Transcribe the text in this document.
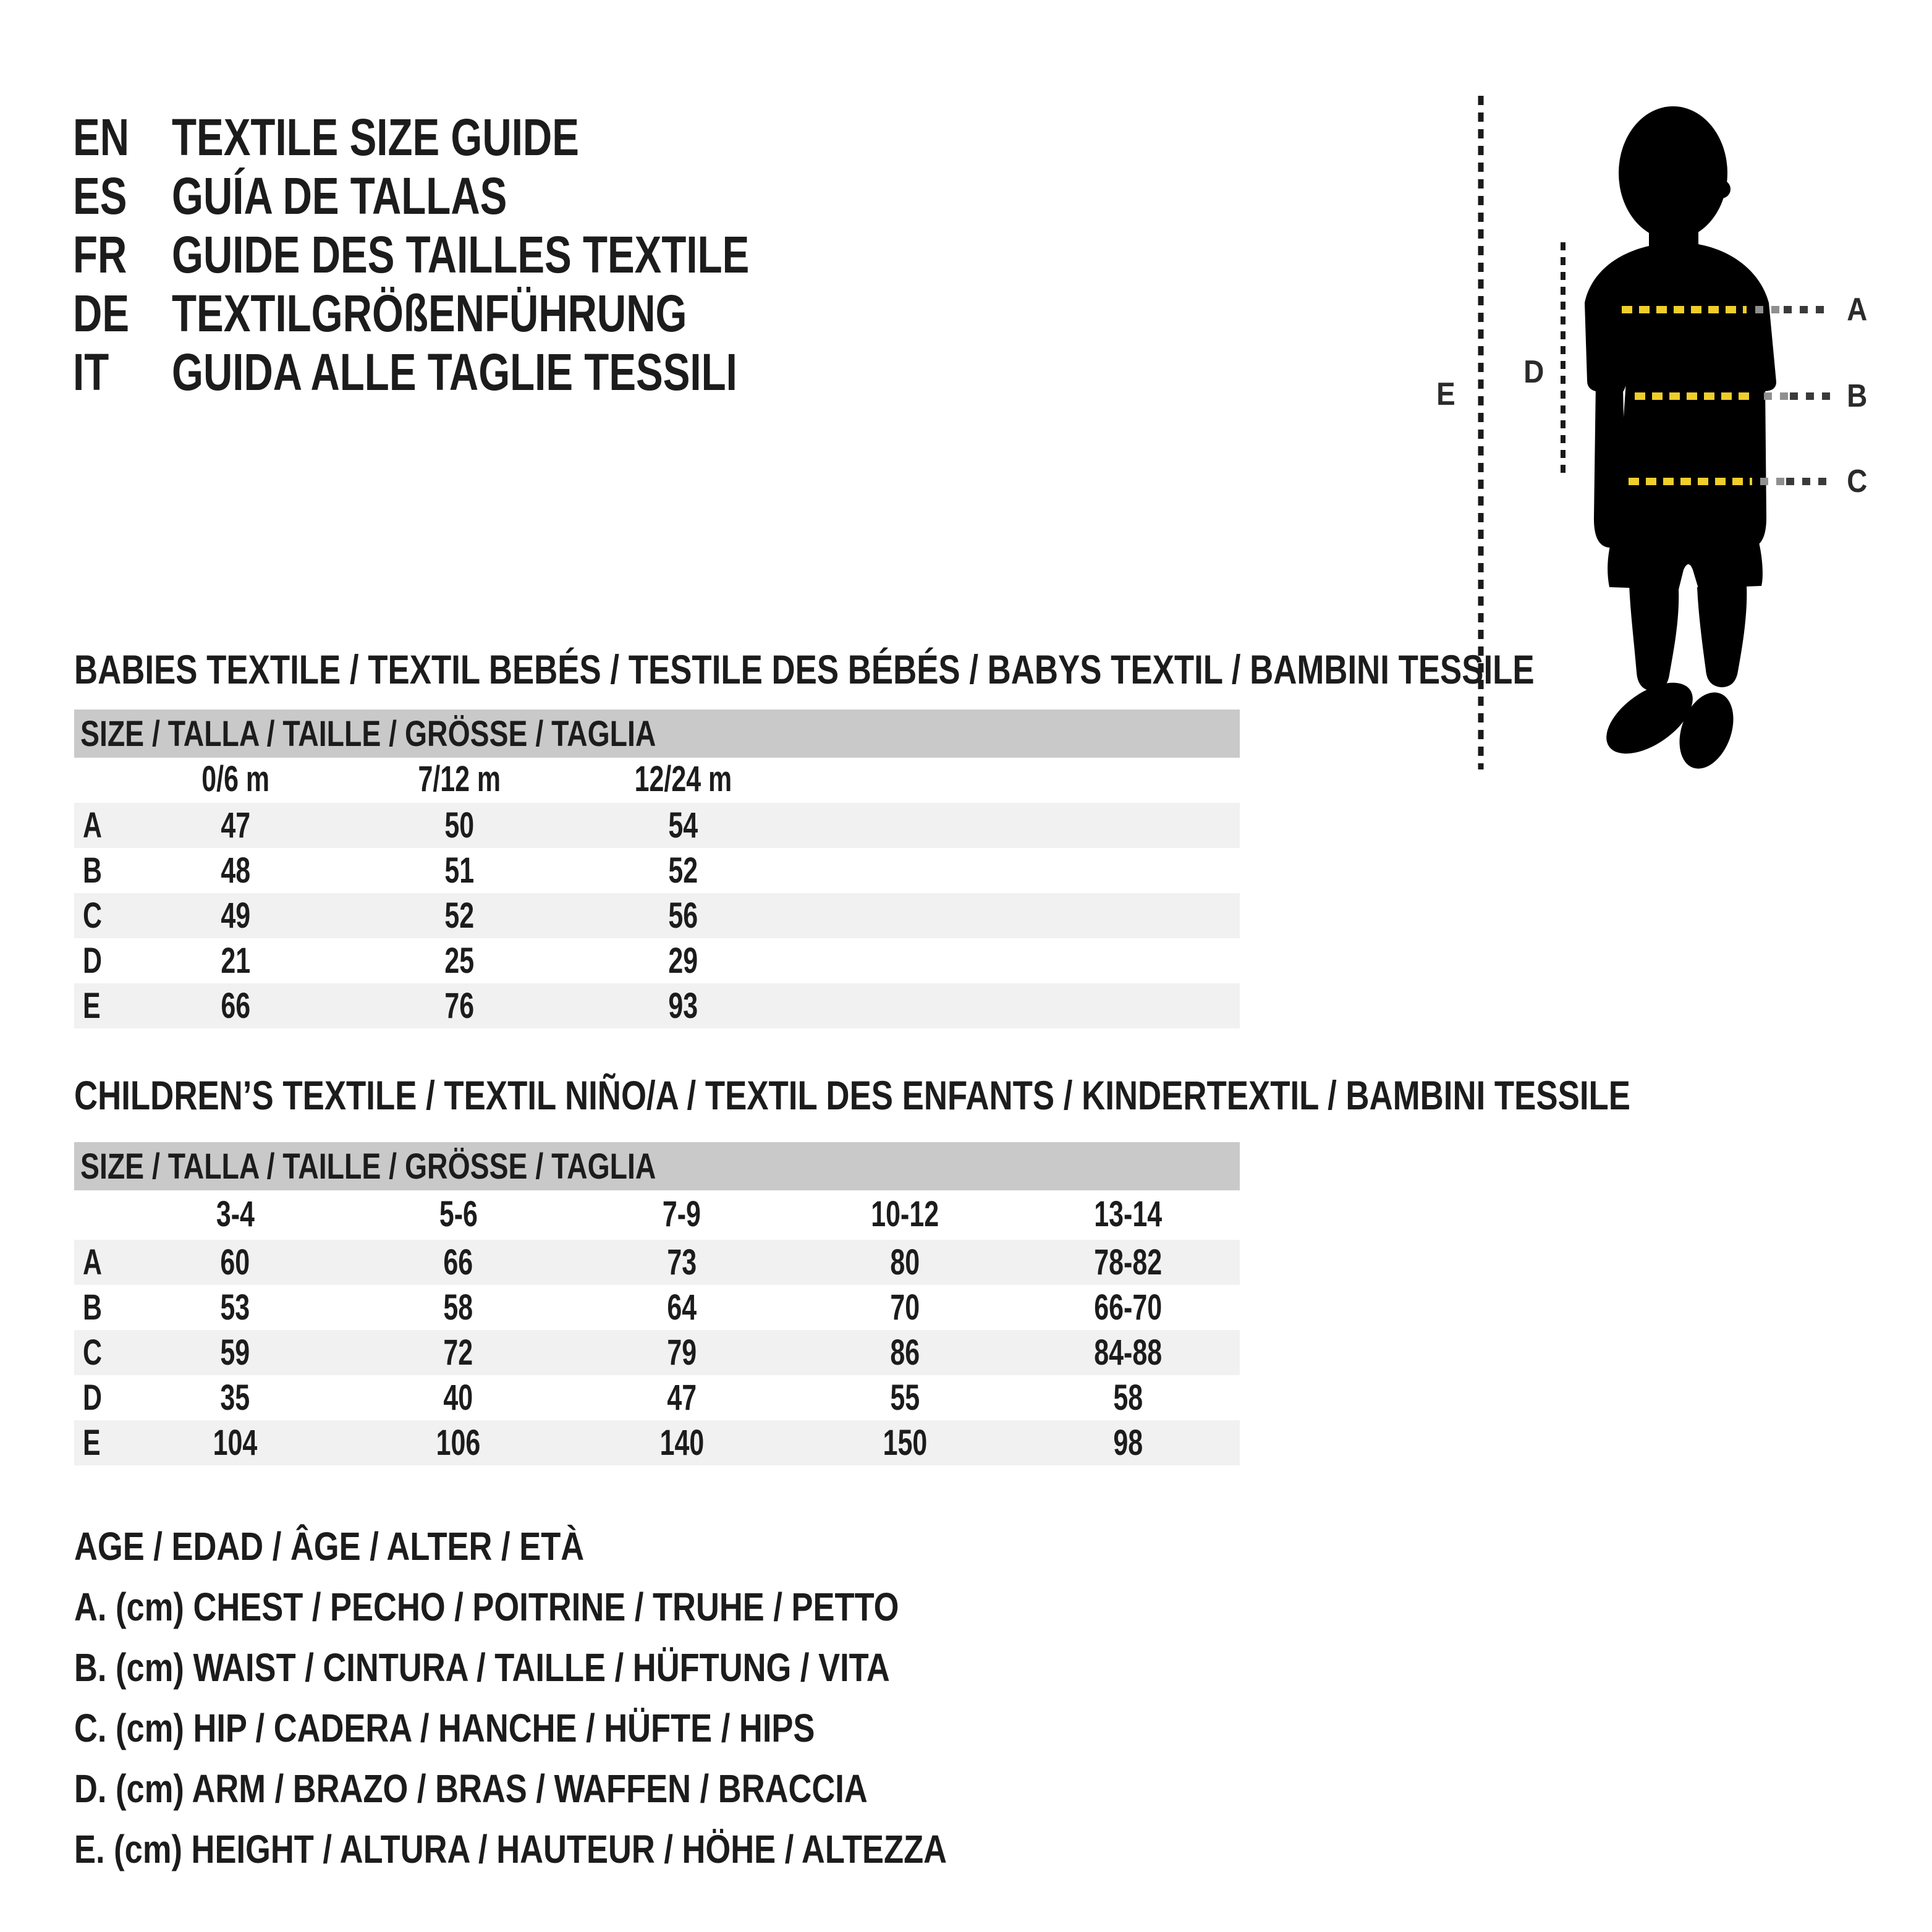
EN TEXTILE SIZE GUIDE
ES GUÍA DE TALLAS
FR GUIDE DES TAILLES TEXTILE
DE TEXTILGRÖßENFÜHRUNG
IT	GUIDA ALLE TAGLIE TESSILI
A
B
C
D
E
BABIES TEXTILE / TEXTIL BEBÉS / TESTILE DES BÉBÉS / BABYS TEXTIL / BAMBINI TESSILE
SIZE / TALLA / TAILLE / GRÖSSE / TAGLIA
0/6 m	7/12 m	12/24 m
A	47	50	54
B	48	51	52
C	49	52	56
D	21	25	29
E	66	76	93
CHILDREN’S TEXTILE / TEXTIL NIÑO/A / TEXTIL DES ENFANTS / KINDERTEXTIL / BAMBINI TESSILE
SIZE / TALLA / TAILLE / GRÖSSE / TAGLIA
3-4	5-6	7-9	10-12	13-14
A	60	66	73	80	78-82
B	53	58	64	70	66-70
C	59	72	79	86	84-88
D	35	40	47	55	58
E	104	106	140	150	98
AGE / EDAD / ÂGE / ALTER / ETÀ
A. (cm) CHEST / PECHO / POITRINE / TRUHE / PETTO
B. (cm) WAIST / CINTURA / TAILLE / HÜFTUNG / VITA
C. (cm) HIP / CADERA / HANCHE / HÜFTE / HIPS
D. (cm) ARM / BRAZO / BRAS / WAFFEN / BRACCIA
E. (cm) HEIGHT / ALTURA / HAUTEUR / HÖHE / ALTEZZA
